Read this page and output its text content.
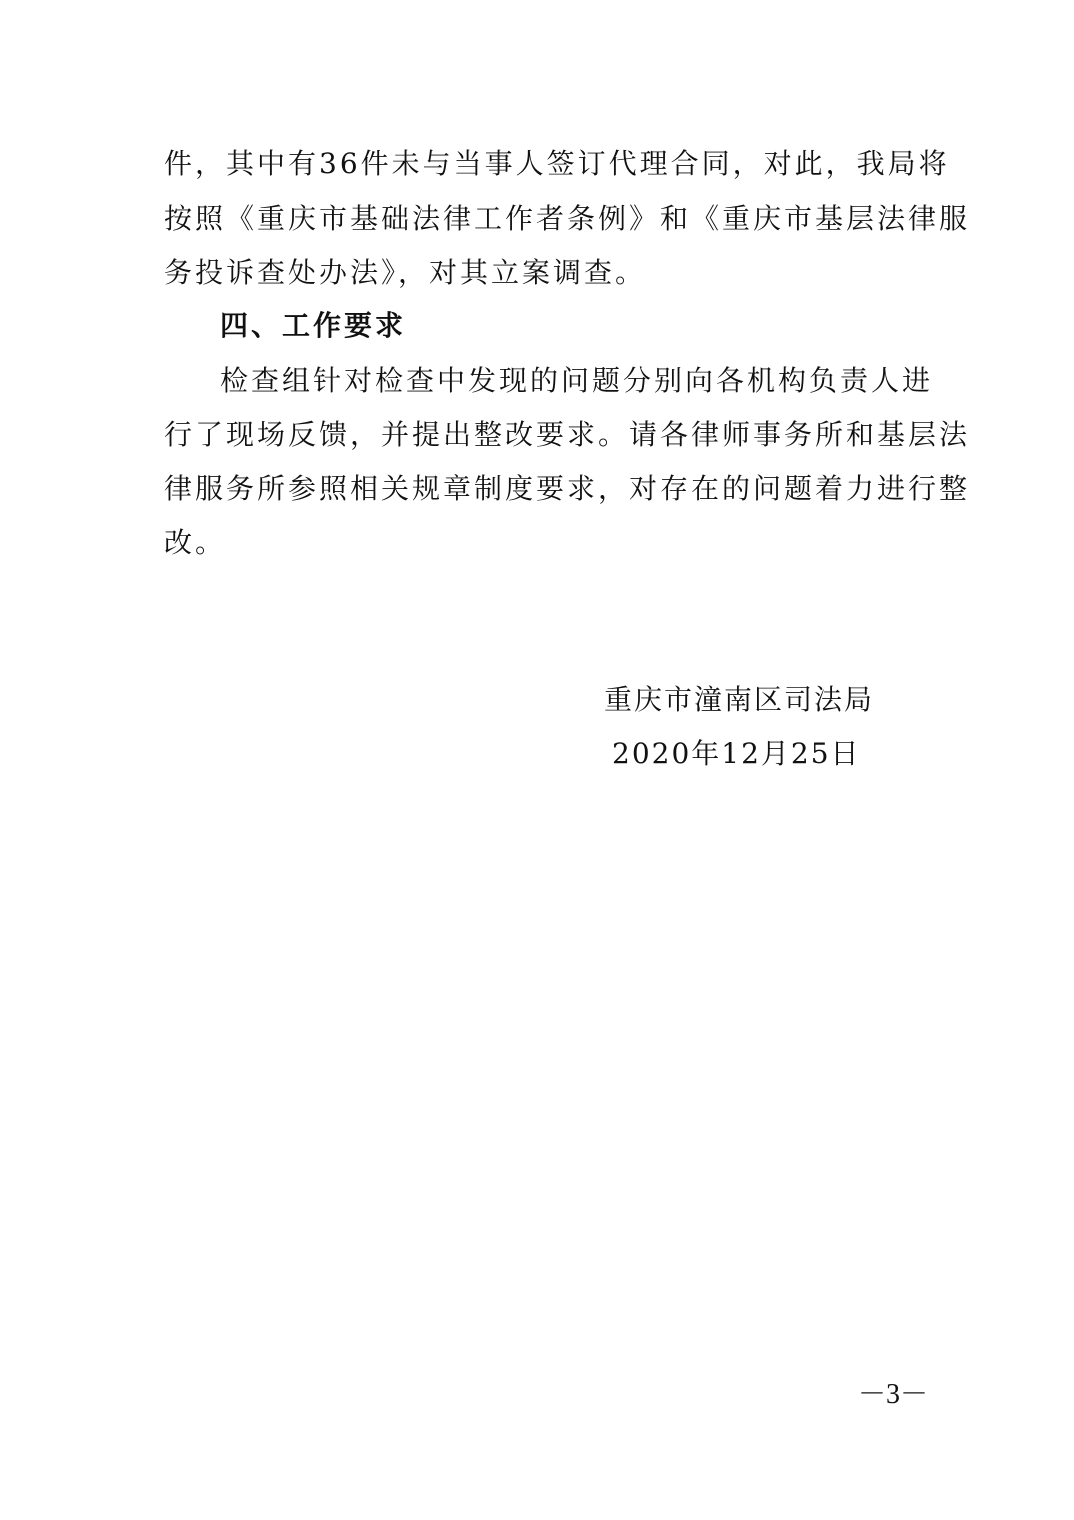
件，其中有36件未与当事人签订代理合同，对此，我局将
按照《重庆市基础法律工作者条例》和《重庆市基层法律服
务投诉查处办法》，对其立案调查。
四、工作要求
检查组针对检查中发现的问题分别向各机构负责人进
行了现场反馈，并提出整改要求。请各律师事务所和基层法
律服务所参照相关规章制度要求，对存在的问题着力进行整
改。
重庆市潼南区司法局
2020年12月25日
－3－
